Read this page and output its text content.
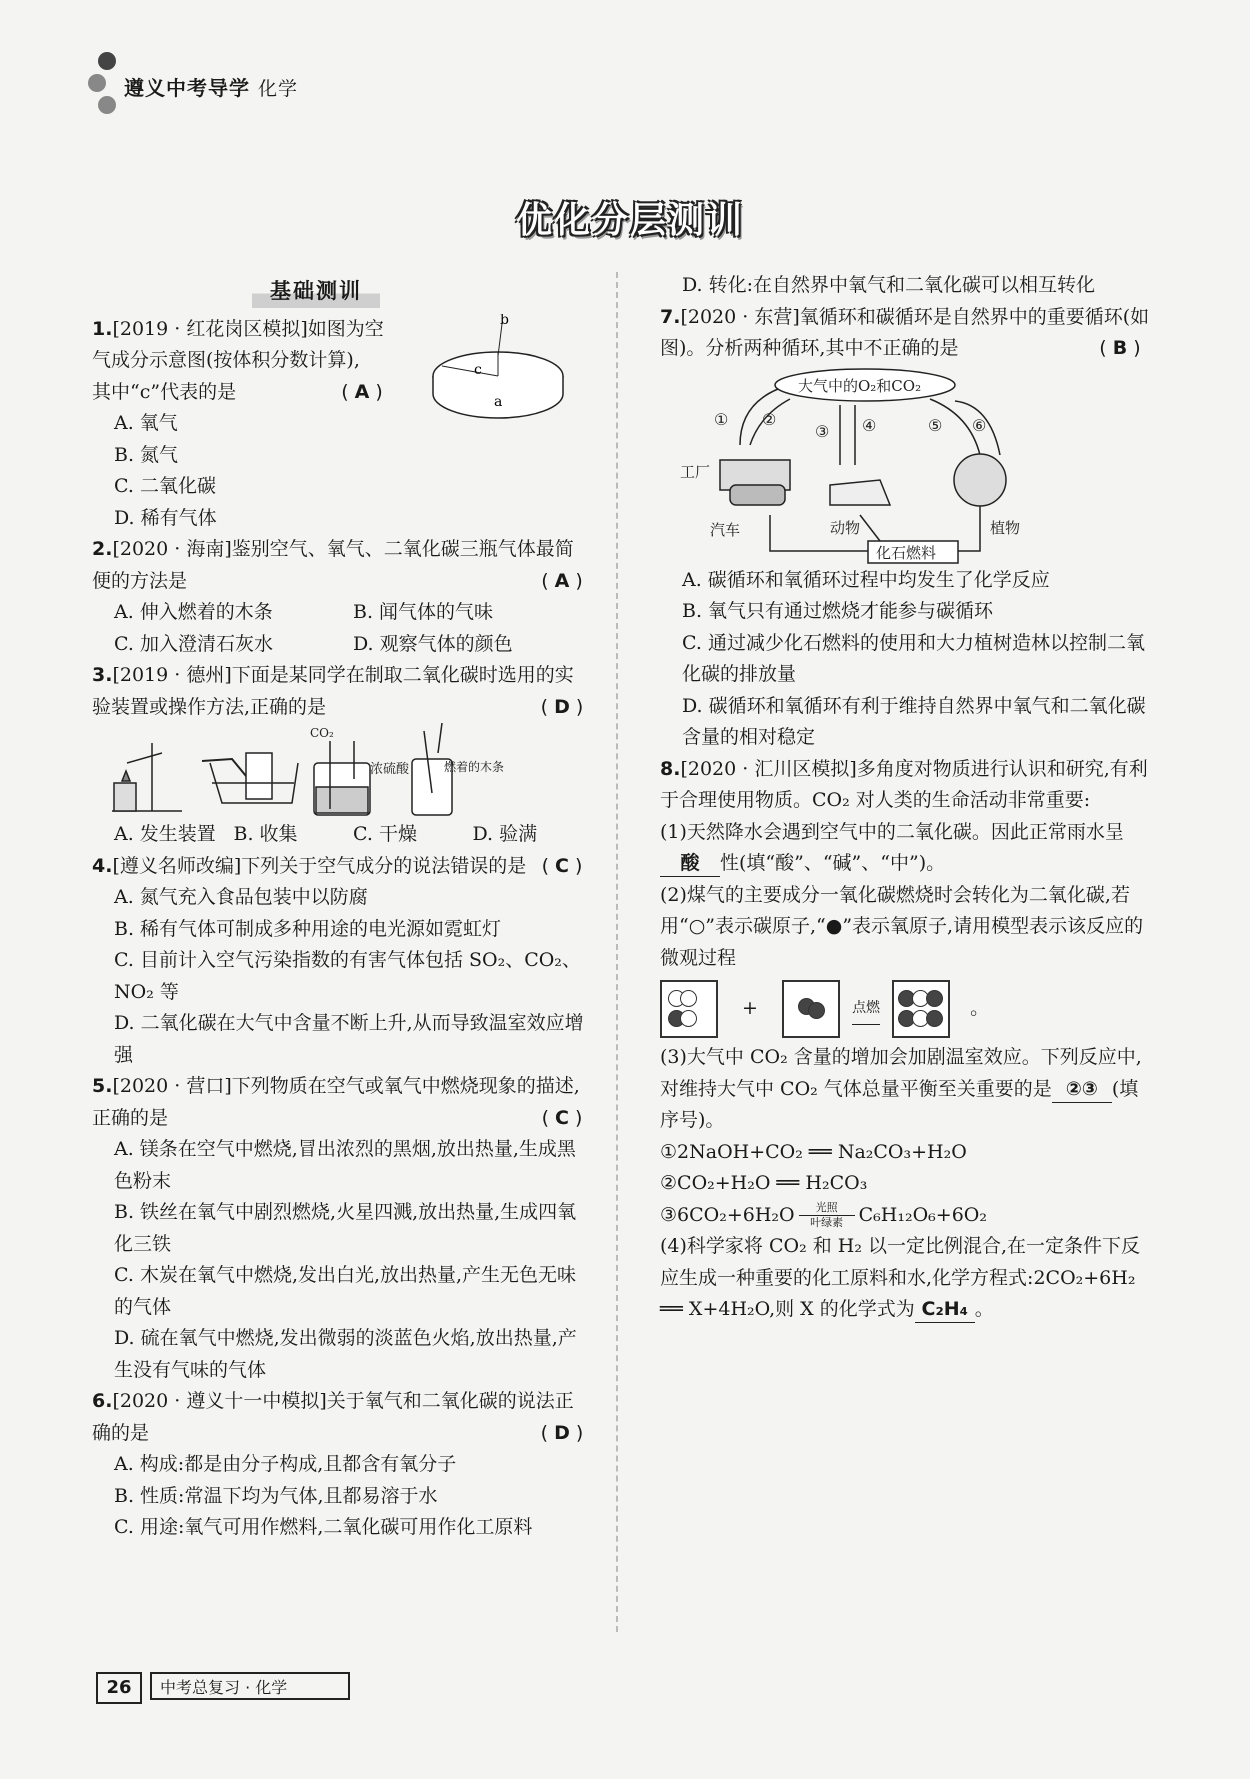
遵义中考导学 化学
优化分层测训
基础测训
1.[2019 · 红花岗区模拟]如图为空气成分示意图(按体积分数计算),
其中“c”代表的是	( A )	a
b
c
A. 氧气
B. 氮气
C. 二氧化碳
D. 稀有气体
2.[2020 · 海南]鉴别空气、氧气、二氧化碳三瓶气体最简便的方法是	( A )
A. 伸入燃着的木条	B. 闻气体的气味
C. 加入澄清石灰水	D. 观察气体的颜色
3.[2019 · 德州]下面是某同学在制取二氧化碳时选用的实验装置或操作方法,正确的是	( D )
CO₂
浓硫酸	燃着的木条
A. 发生装置 B. 收集	C. 干燥	D. 验满
4.[遵义名师改编]下列关于空气成分的说法错误的是	( C )
A. 氮气充入食品包装中以防腐
B. 稀有气体可制成多种用途的电光源如霓虹灯
C. 目前计入空气污染指数的有害气体包括 SO₂、CO₂、NO₂ 等
D. 二氧化碳在大气中含量不断上升,从而导致温室效应增强
5.[2020 · 营口]下列物质在空气或氧气中燃烧现象的描述,正确的是	( C )
A. 镁条在空气中燃烧,冒出浓烈的黑烟,放出热量,生成黑色粉末
B. 铁丝在氧气中剧烈燃烧,火星四溅,放出热量,生成四氧化三铁
C. 木炭在氧气中燃烧,发出白光,放出热量,产生无色无味的气体
D. 硫在氧气中燃烧,发出微弱的淡蓝色火焰,放出热量,产生没有气味的气体
6.[2020 · 遵义十一中模拟]关于氧气和二氧化碳的说法正确的是	( D )
A. 构成:都是由分子构成,且都含有氧分子
B. 性质:常温下均为气体,且都易溶于水
C. 用途:氧气可用作燃料,二氧化碳可用作化工原料
D. 转化:在自然界中氧气和二氧化碳可以相互转化
7.[2020 · 东营]氧循环和碳循环是自然界中的重要循环(如图)。分析两种循环,其中不正确的是	( B )
大气中的O₂和CO₂
① ②
③ ④	⑤ ⑥
工厂
汽车	动物	植物
化石燃料
A. 碳循环和氧循环过程中均发生了化学反应
B. 氧气只有通过燃烧才能参与碳循环
C. 通过减少化石燃料的使用和大力植树造林以控制二氧化碳的排放量
D. 碳循环和氧循环有利于维持自然界中氧气和二氧化碳含量的相对稳定
8.[2020 · 汇川区模拟]多角度对物质进行认识和研究,有利于合理使用物质。CO₂ 对人类的生命活动非常重要:
(1)天然降水会遇到空气中的二氧化碳。因此正常雨水呈酸 性(填“酸”、“碱”、“中”)。
(2)煤气的主要成分一氧化碳燃烧时会转化为二氧化碳,若用“○”表示碳原子,“●”表示氧原子,请用模型表示该反应的微观过程
+	点燃	。
(3)大气中 CO₂ 含量的增加会加剧温室效应。下列反应中,对维持大气中 CO₂ 气体总量平衡至关重要的是 ②③ (填序号)。
①2NaOH+CO₂ ══ Na₂CO₃+H₂O
②CO₂+H₂O ══ H₂CO₃
③6CO₂+6H₂O 光照

叶绿素 C₆H₁₂O₆+6O₂
(4)科学家将 CO₂ 和 H₂ 以一定比例混合,在一定条件下反应生成一种重要的化工原料和水,化学方程式:2CO₂+6H₂ ══ X+4H₂O,则 X 的化学式为 C₂H₄ 。
26	中考总复习 · 化学
